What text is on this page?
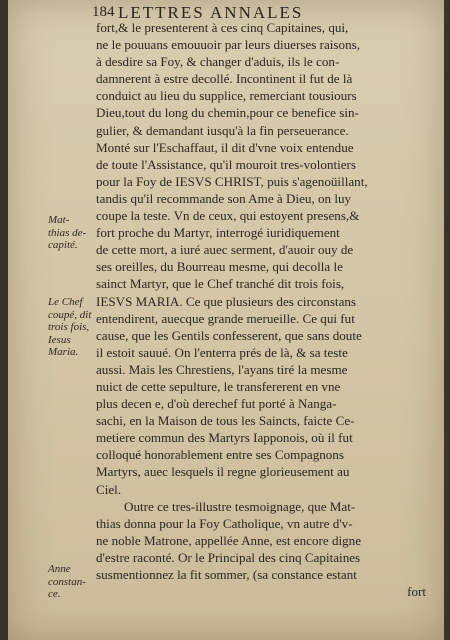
184 LETTRES ANNALES
fort,& le presenterent à ces cinq Capitaines, qui,
ne le pouuans emouuoir par leurs diuerses raisons,
à desdire sa Foy, & changer d'aduis, ils le con-
damnerent à estre decollé. Incontinent il fut de là
conduict au lieu du supplice, remerciant tousiours
Dieu,tout du long du chemin,pour ce benefice sin-
gulier, & demandant iusqu'à la fin perseuerance.
Monté sur l'Eschaffaut, il dit d'vne voix entendue
de toute l'Assistance, qu'il mouroit tres-volontiers
pour la Foy de IESVS CHRIST, puis s'agenoüillant,
tandis qu'il recommande son Ame à Dieu, on luy
coupe la teste. Vn de ceux, qui estoyent presens,&
fort proche du Martyr, interrogé iuridiquement
de cette mort, a iuré auec serment, d'auoir ouy de
ses oreilles, du Bourreau mesme, qui decolla le
sainct Martyr, que le Chef tranché dit trois fois,
IESVS MARIA. Ce que plusieurs des circonstans
entendirent, auecque grande merueille. Ce qui fut
cause, que les Gentils confesserent, que sans doute
il estoit sauué. On l'enterra prés de là, & sa teste
aussi. Mais les Chrestiens, l'ayans tiré la mesme
nuict de cette sepulture, le transfererent en vne
plus decen e, d'où derechef fut porté à Nanga-
sachi, en la Maison de tous les Saincts, faicte Ce-
metiere commun des Martyrs Iapponois, où il fut
colloqué honorablement entre ses Compagnons
Martyrs, auec lesquels il regne glorieusement au
Ciel.
Outre ce tres-illustre tesmoignage, que Mat-
thias donna pour la Foy Catholique, vn autre d'v-
ne noble Matrone, appellée Anne, est encore digne
d'estre raconté. Or le Principal des cinq Capitaines
susmentionnez la fit sommer, (sa constance estant
fort
Mat-
thias de-
capité.
Le Chef
coupé, dit
trois fois,
Iesus
Maria.
Anne
constan-
ce.
